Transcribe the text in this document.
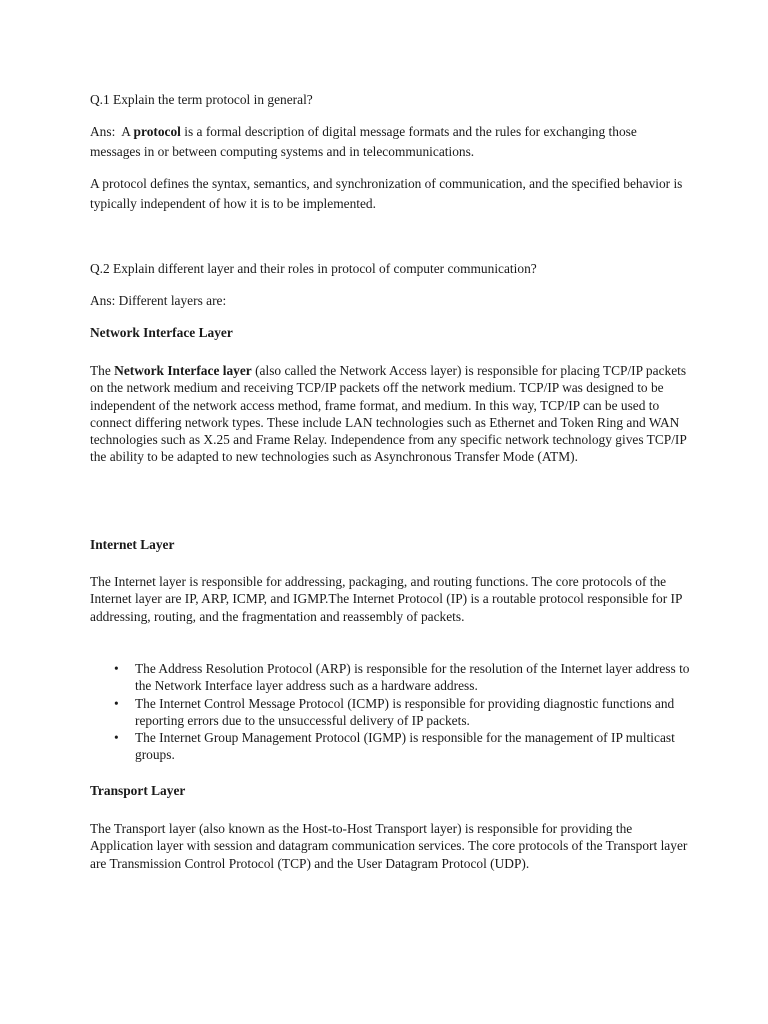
Q.1 Explain the term protocol in general?

Ans:  A protocol is a formal description of digital message formats and the rules for exchanging those messages in or between computing systems and in telecommunications.

A protocol defines the syntax, semantics, and synchronization of communication, and the specified behavior is typically independent of how it is to be implemented.

Q.2 Explain different layer and their roles in protocol of computer communication?

Ans: Different layers are:

Network Interface Layer

The Network Interface layer (also called the Network Access layer) is responsible for placing TCP/IP packets on the network medium and receiving TCP/IP packets off the network medium. TCP/IP was designed to be independent of the network access method, frame format, and medium. In this way, TCP/IP can be used to connect differing network types. These include LAN technologies such as Ethernet and Token Ring and WAN technologies such as X.25 and Frame Relay. Independence from any specific network technology gives TCP/IP the ability to be adapted to new technologies such as Asynchronous Transfer Mode (ATM).

Internet Layer

The Internet layer is responsible for addressing, packaging, and routing functions. The core protocols of the Internet layer are IP, ARP, ICMP, and IGMP.The Internet Protocol (IP) is a routable protocol responsible for IP addressing, routing, and the fragmentation and reassembly of packets.

• The Address Resolution Protocol (ARP) is responsible for the resolution of the Internet layer address to the Network Interface layer address such as a hardware address.
• The Internet Control Message Protocol (ICMP) is responsible for providing diagnostic functions and reporting errors due to the unsuccessful delivery of IP packets.
• The Internet Group Management Protocol (IGMP) is responsible for the management of IP multicast groups.

Transport Layer

The Transport layer (also known as the Host-to-Host Transport layer) is responsible for providing the Application layer with session and datagram communication services. The core protocols of the Transport layer are Transmission Control Protocol (TCP) and the User Datagram Protocol (UDP).
